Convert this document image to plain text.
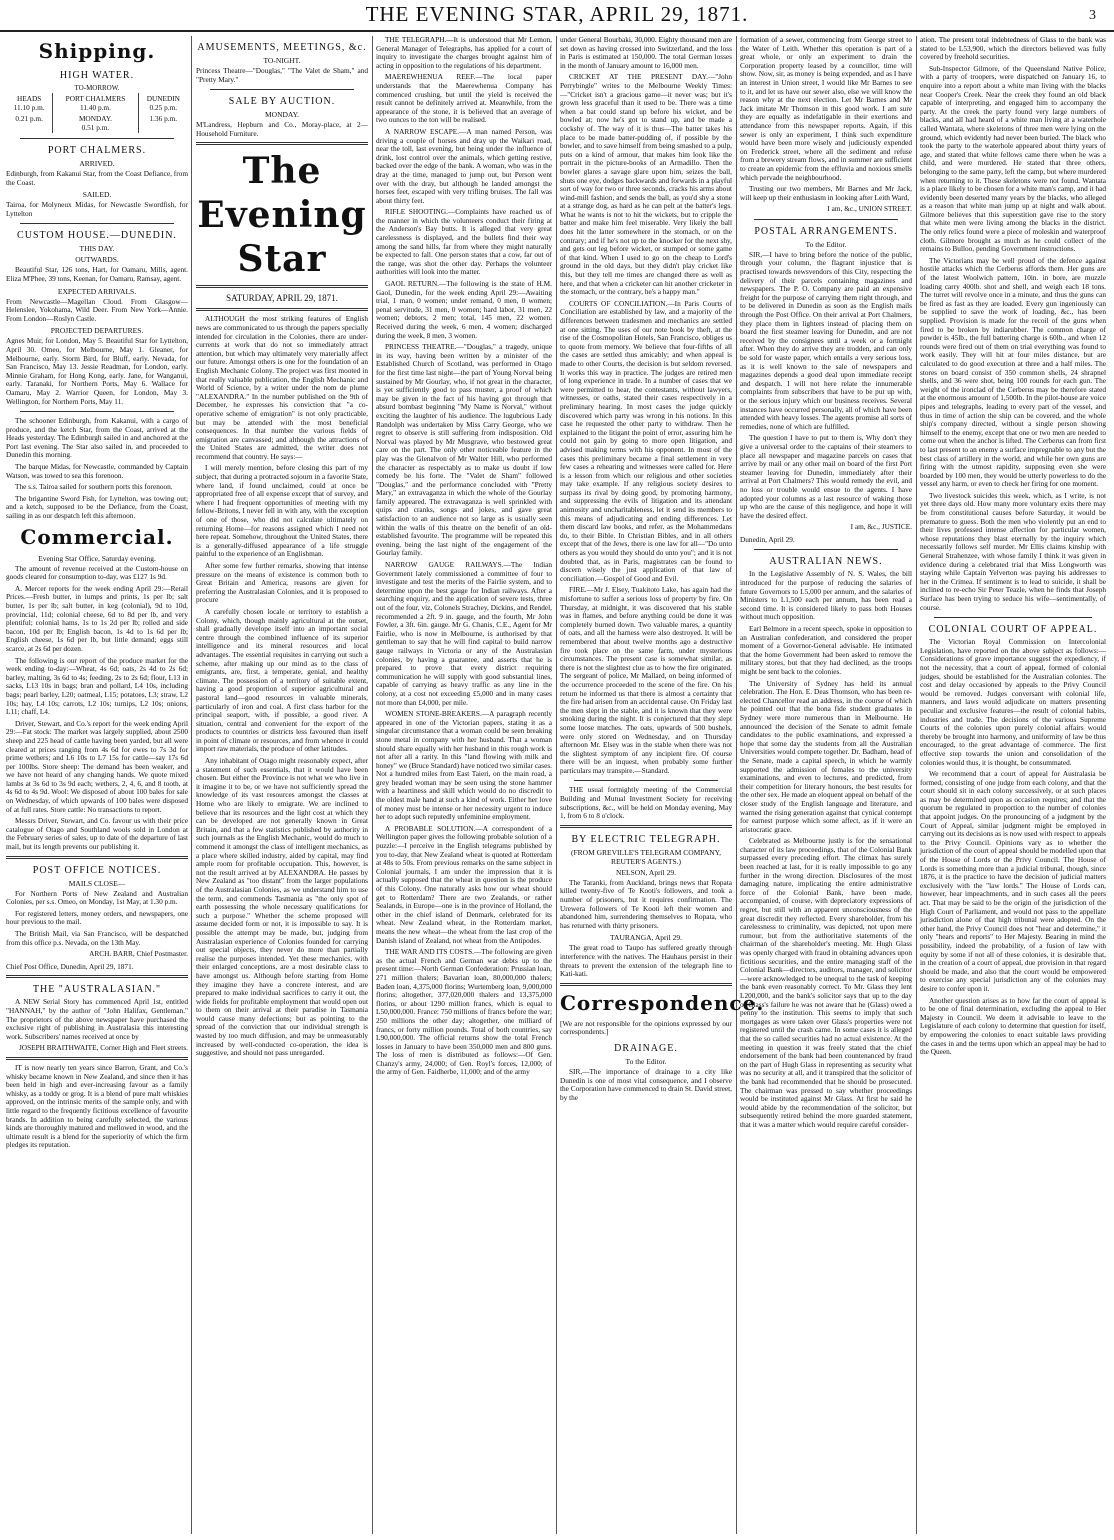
THE EVENING STAR, APRIL 29, 1871.	3
Shipping.
HIGH WATER.
TO-MORROW.
HEADS
11.10 p.m.	PORT CHALMERS
11.40 p.m.	DUNEDIN
0.25 p.m.
0.21 p.m.	MONDAY.
0.51 p.m.	1.36 p.m.
PORT CHALMERS.
ARRIVED.

Edinburgh, from Kakanui Star, from the Coast Defiance, from the Coast.

SAILED.

Tairoa, for Molyneux Midas, for Newcastle Swordfish, for Lyttelton

CUSTOM HOUSE.—DUNEDIN.
THIS DAY.
OUTWARDS.

Beautiful Star, 126 tons, Hart, for Oamaru, Mills, agent. Eliza M'Phee, 39 tons, Keenan, for Oamaru, Ramsay, agent.

EXPECTED ARRIVALS.

From Newcastle—Magellan Cloud. From Glasgow—Helenslee, Yokohama, Wild Deer. From New York—Annie. From London—Roslyn Castle.

PROJECTED DEPARTURES.

Agnes Muir, for London, May 5. Beautiful Star for Lyttelton, April 30. Omeo, for Melbourne, May 1. Gleaner, for Melbourne, early. Storm Bird, for Bluff, early. Nevada, for San Francisco, May 13. Jessie Readman, for London, early. Minnie Graham, for Hong Kong, early. Jane, for Wanganui, early. Taranaki, for Northern Ports, May 6. Wallace for Oamaru, May 2. Warrior Queen, for London, May 3. Wellington, for Northern Ports, May 11.

The schooner Edinburgh, from Kakanui, with a cargo of produce, and the ketch Star, from the Coast, arrived at the Heads yesterday. The Edinburgh sailed in and anchored at the Port last evening. The Star also sailed in, and proceeded to Dunedin this morning.

The barque Midas, for Newcastle, commanded by Captain Watson, was towed to sea this forenoon.

The s.s. Tairoa sailed for southern ports this forenoon.

The brigantine Sword Fish, for Lyttelton, was towing out; and a ketch, supposed to be the Defiance, from the Coast, sailing in as our despatch left this afternoon.

Commercial.
Evening Star Office, Saturday evening.

The amount of revenue received at the Custom-house on goods cleared for consumption to-day, was £127 1s 9d.

A. Mercer reports for the week ending April 29:—Retail Prices.—Fresh butter, in lumps and prints, 1s per lb; salt butter, 1s per lb; salt butter, in keg (colonial), 9d to 10d, provincial, 11d; colonial cheese, 6d to 8d per lb, and very plentiful; colonial hams, 1s to 1s 2d per lb; rolled and side bacon, 10d per lb; English bacon, 1s 4d to 1s 6d per lb; English cheese, 1s 6d per lb, but little demand; eggs still scarce, at 2s 6d per dozen.

The following is our report of the produce market for the week ending to-day:—Wheat, 4s 6d; oats, 2s 4d to 2s 6d; barley, malting, 3s 6d to 4s; feeding, 2s to 2s 6d; flour, L13 in sacks, L13 10s in bags; bran and pollard, L4 10s, including bags; pearl barley, L20; oatmeal, L15; potatoes, L3; straw, L2 10s; hay, L4 10s; carrots, L2 10s; turnips, L2 10s; onions, L11; chaff, L4.

Driver, Stewart, and Co.'s report for the week ending April 29:—Fat stock: The market was largely supplied, about 2500 sheep and 225 head of cattle having been yarded, but all were cleared at prices ranging from 4s 6d for ewes to 7s 3d for prime wethers; and L6 10s to L7 15s for cattle—say 17s 6d per 100lbs. Store sheep: The demand has been weaker, and we have not heard of any changing hands. We quote mixed lambs at 3s 6d to 3s 9d each; wethers, 2, 4, 6, and 8 tooth, at 4s 6d to 4s 9d. Wool: We disposed of about 100 bales for sale on Wednesday, of which upwards of 100 bales were disposed of at full rates. Store cattle: No transactions to report.

Messrs Driver, Stewart, and Co. favour us with their price catalogue of Otago and Southland wools sold in London at the February series of sales, up to date of the departure of last mail, but its length prevents our publishing it.

POST OFFICE NOTICES.
MAILS CLOSE—

For Northern Ports of New Zealand and Australian Colonies, per s.s. Omeo, on Monday, 1st May, at 1.30 p.m.

For registered letters, money orders, and newspapers, one hour previous to the mail.

The British Mail, via San Francisco, will be despatched from this office p.s. Nevada, on the 13th May.

ARCH. BARR, Chief Postmaster.

Chief Post Office, Dunedin, April 29, 1871.

THE "AUSTRALASIAN."

A NEW Serial Story has commenced April 1st, entitled "HANNAH," by the author of "John Halifax, Gentleman." The proprietors of the above newspaper have purchased the exclusive right of publishing in Australasia this interesting work. Subscribers' names received at once by

JOSEPH BRAITHWAITE, Corner High and Fleet streets.

IT is now nearly ten years since Barron, Grant, and Co.'s whisky became known in New Zealand, and since then it has been held in high and ever-increasing favour as a family whisky, as a toddy or grog. It is a blend of pure malt whiskies approved, on the intrinsic merits of the sample only, and with little regard to the frequently fictitious excellence of favourite brands. In addition to being carefully selected, the various kinds are thoroughly matured and mellowed in wood, and the ultimate result is a blend for the superiority of which the firm pledges its reputation.

AMUSEMENTS, MEETINGS, &c.
TO-NIGHT.

Princess Theatre—"Douglas," "The Valet de Sham," and "Pretty Mary."

SALE BY AUCTION.
MONDAY.

M'Landress, Hepburn and Co., Moray-place, at 2—Household Furniture.

The Evening Star
SATURDAY, APRIL 29, 1871.

ALTHOUGH the most striking features of English news are communicated to us through the papers specially intended for circulation in the Colonies, there are under-currents at work that do not so immediately attract attention, but which may ultimately very materially affect our future. Amongst others is one for the foundation of an English Mechanic Colony. The project was first mooted in that really valuable publication, the English Mechanic and World of Science, by a writer under the nom de plume "ALEXANDRA." In the number published on the 9th of December, he expresses his conviction that "a co-operative scheme of emigration" is not only practicable, but may be attended with the most beneficial consequences. In that number the various fields of emigration are canvassed; and although the attractions of the United States are admitted, the writer does not recommend that country. He says:—

I will merely mention, before closing this part of my subject, that during a protracted sojourn in a favorite State, where land, if found unclaimed, could at once be appropriated free of all expense except that of survey, and where I had frequent opportunities of meeting with my fellow-Britons, I never fell in with any, with the exception of one of those, who did not calculate ultimately on returning Home—for reasons assigned which I need not here repeat. Somehow, throughout the United States, there is a generally-diffused appearance of a life struggle painful to the experience of an Englishman.

After some few further remarks, showing that intense pressure on the means of existence is common both to Great Britain and America, reasons are given for preferring the Australasian Colonies, and it is proposed to procure

A carefully chosen locale or territory to establish a Colony, which, though mainly agricultural at the outset, shall gradually develope itself into an important social centre through the combined influence of its superior intelligence and its mineral resources and local advantages. The essential requisites in carrying out such a scheme, after making up our mind as to the class of emigrants, are, first, a temperate, genial, and healthy climate. The possession of a territory of suitable extent, having a good proportion of superior agricultural and pastoral land—good resources in valuable minerals, particularly of iron and coal. A first class harbor for the principal seaport, with, if possible, a good river. A situation, central and convenient for the export of the products to countries or districts less favoured than itself in point of climate or resources, and from whence it could import raw materials, the produce of other latitudes.

Any inhabitant of Otago might reasonably expect, after a statement of such essentials, that it would have been chosen. But either the Province is not what we who live in it imagine it to be, or we have not sufficiently spread the knowledge of its vast resources amongst the classes at Home who are likely to emigrate. We are inclined to believe that its resources and the light cost at which they can be developed are not generally known in Great Britain, and that a few statistics published by authority in such journals as the English Mechanic, would do much to commend it amongst the class of intelligent mechanics, as a place where skilled industry, aided by capital, may find ample room for profitable occupation. This, however, is not the result arrived at by ALEXANDRA. He passes by New Zealand as "too distant" from the larger populations of the Australasian Colonies, as we understand him to use the term, and commends Tasmania as "the only spot of earth possessing the whole necessary qualifications for such a purpose." Whether the scheme proposed will assume decided form or not, it is impossible to say. It is possible the attempt may be made, but, judging from Australasian experience of Colonies founded for carrying out special objects, they never do more than partially realise the purposes intended. Yet these mechanics, with their enlarged conceptions, are a most desirable class to have amongst us. Although before starting from Home they imagine they have a concrete interest, and are prepared to make individual sacrifices to carry it out, the wide fields for profitable employment that would open out to them on their arrival at their paradise in Tasmania would cause many defections; but as pointing to the spread of the conviction that our individual strength is wasted by too much diffusion, and may be unmeasurably increased by well-conducted co-operation, the idea is suggestive, and should not pass unregarded.

THE TELEGRAPH.—It is understood that Mr Lemon, General Manager of Telegraphs, has applied for a court of inquiry to investigate the charges brought against him of acting in opposition to the regulations of his department.

MAEREWHENUA REEF.—The local paper understands that the Maerewhenua Company has commenced crushing, but until the yield is received the result cannot be definitely arrived at. Meanwhile, from the appearance of the stone, it is believed that an average of two ounces to the ton will be realised.

A NARROW ESCAPE.—A man named Person, was driving a couple of horses and dray up the Waikari road, near the toll, last evening, but being under the influence of drink, lost control over the animals, which getting restive, backed over the edge of the bank. A woman, who was in the dray at the time, managed to jump out, but Person went over with the dray, but although he landed amongst the horses feet, escaped with very trifling bruises. The fall was about thirty feet.

RIFLE SHOOTING.—Complaints have reached us of the manner in which the volunteers conduct their firing at the Anderson's Bay butts. It is alleged that very great carelessness is displayed, and the bullets find their way among the sand hills, far from where they might naturally be expected to fall. One person states that a cow, far out of the range, was shot the other day. Perhaps the volunteer authorities will look into the matter.

GAOL RETURN.—The following is the state of H.M. Gaol, Dunedin, for the week ending April 29:—Awaiting trial, 1 man, 0 women; under remand, 0 men, 0 women; penal servitude, 31 men, 0 women; hard labor, 31 men, 22 women; debtors, 2 men; total, 145 men, 22 women. Received during the week, 6 men, 4 women; discharged during the week, 8 men, 3 women.

PRINCESS THEATRE.—"Douglas," a tragedy, unique in its way, having been written by a minister of the Established Church of Scotland, was performed in Otago for the first time last night—the part of Young Norval being sustained by Mr Gourlay, who, if not great in the character, is yet sufficiently good to pass muster, a proof of which may be given in the fact of his having got through that absurd bombast beginning "My Name is Norval," without exciting the laughter of his audience. The lugubrious Lady Randolph was undertaken by Miss Carry George, who we regret to observe is still suffering from indisposition. Old Norval was played by Mr Musgrave, who bestowed great care on the part. The only other noticeable feature in the play was the Glenalvon of Mr Walter Hill, who performed the character as respectably as to make us doubt if low comedy be his forte. The "Valet de Sham" followed "Douglas," and the performance concluded with "Pretty Mary," an extravaganza in which the whole of the Gourlay family appeared. The extravaganza is well sprinkled with quips and cranks, songs and jokes, and gave great satisfaction to an audience not so large as is usually seen within the walls of this theatre on the benefit of an old-established favourite. The programme will be repeated this evening, being the last night of the engagement of the Gourlay family.

NARROW GAUGE RAILWAYS.—The Indian Government lately commissioned a committee of four to investigate and test the merits of the Fairlie system, and to determine upon the best gauge for Indian railways. After a searching enquiry, and the application of severe tests, three out of the four, viz, Colonels Strachey, Dickins, and Rendel, recommended a 2ft. 9 in. gauge, and the fourth, Mr John Fowler, a 3ft. 6in. gauge. Mr G. Chanis, C.E., Agent for Mr Fairlie, who is now in Melbourne, is authorised by that gentleman to say that he will find capital to build narrow gauge railways in Victoria or any of the Australasian colonies, by having a guarantee, and asserts that he is prepared to prove that every district requiring communication he will supply with good substantial lines, capable of carrying as heavy traffic as any line in the colony, at a cost not exceeding £5,000 and in many cases not more than £4,000, per mile.

WOMEN STONE-BREAKERS.—A paragraph recently appeared in one of the Victorian papers, stating it as a singular circumstance that a woman could be seen breaking stone metal in company with her husband. That a woman should share equally with her husband in this rough work is not after all a rarity. In this "land flowing with milk and honey" we (Bruce Standard) have noticed two similar cases. Not a hundred miles from East Taieri, on the main road, a grey headed woman may be seen using the stone hammer with a heartiness and skill which would do no discredit to the oldest male hand at such a kind of work. Either her love of money must be intense or her necessity urgent to induce her to adopt such reputedly unfeminine employment.

A PROBABLE SOLUTION.—A correspondent of a Wellington paper gives the following probable solution of a puzzle:—I perceive in the English telegrams published by you to-day, that New Zealand wheat is quoted at Rotterdam at 48s to 50s. From previous remarks on the same subject in Colonial journals, I am under the impression that it is actually supposed that the wheat in question is the produce of this Colony. One naturally asks how our wheat should get to Rotterdam? There are two Zealands, or rather Sealands, in Europe—one is in the province of Holland, the other in the chief island of Denmark, celebrated for its wheat. New Zealand wheat, in the Rotterdam market, means the new wheat—the wheat from the last crop of the Danish island of Zealand, not wheat from the Antipodes.

THE WAR AND ITS COSTS.—The following are given as the actual French and German war debts up to the present time:—North German Confederation: Prussian loan, 271 million thalers; Bavarian loan, 80,000,000 thalers; Baden loan, 4,375,000 florins; Wurtemberg loan, 9,000,000 florins; altogether, 377,020,000 thalers and 13,375,000 florins, or about 1290 million francs, which is equal to L50,000,000. France: 750 millions of francs before the war; 250 millions the other day; altogether, one milliard of francs, or forty million pounds. Total of both countries, say L90,000,000. The official returns show the total French losses in January to have been 350,000 men and 800 guns. The loss of men is distributed as follows:—Of Gen. Chanzy's army, 24,000; of Gen. Royl's forces, 12,000; of the army of Gen. Faidherbe, 11,000; and of the army

under General Bourbaki, 30,000. Eighty thousand men are set down as having crossed into Switzerland, and the loss in Paris is estimated at 150,000. The total German losses in the month of January amount to 16,000 men.

CRICKET AT THE PRESENT DAY.—"John Perrybingle" writes to the Melbourne Weekly Times:—"Cricket isn't a gracious game—it never was; but it's grown less graceful than it used to be. There was a time when a bat could stand up before his wicket, and be bowled at; now he's got to stand up, and be made a cockshy of. The way of it is thus—The batter takes his place to be made batter-pudding of, if possible by the bowler, and to save himself from being smashed to a pulp, puts on a kind of armour, that makes him look like the portrait in the picture-books of an Armadillo. Then the bowler glares a savage glare upon him, seizes the ball, shuts one eye, dodges backwards and forwards in a playful sort of way for two or three seconds, cracks his arms about wind-mill fashion, and sends the ball, as you'd shy a stone at a strange dog, as hard as he can pelt at the batter's legs. What he wants is not to hit the wickets, but to cripple the batter and make him feel miserable. Very likely the ball does hit the latter somewhere in the stomach, or on the contrary; and if he's not up to the knocker for the next shy, and gets out leg before wicket, or stumped or some game of that kind. When I used to go on the cheap to Lord's ground in the old days, but they didn't play cricket like this, but they tell me times are changed there as well as here, and that when a cricketer can hit another cricketer in the stomach, or the contrary, he's a happy man."

COURTS OF CONCILIATION.—In Paris Courts of Conciliation are established by law, and a majority of the differences between tradesmen and mechanics are settled at one sitting. The uses of our note book by theft, at the rise of the Cosmopolitan Hotels, San Francisco, obliges us to quote from memory. We believe that four-fifths of all the cases are settled thus amicably; and when appeal is made to other Courts, the decision is but seldom reversed. It works this way in practice. The judges are retired men of long experience in trade. In a number of cases that we were permitted to hear, the contestants, without lawyers, witnesses, or oaths, stated their cases respectively in a preliminary hearing. In most cases the judge quickly discovered which party was wrong in his notions. In this case he requested the other party to withdraw. Then he explained to the litigant the point of error, assuring him he could not gain by going to more open litigation, and advised making terms with his opponent. In most of the cases this preliminary became a final settlement in very few cases a rehearing and witnesses were called for. Here is a lesson from which our religious and other societies may take example. If any religious society desires to surpass its rival by doing good, by promoting harmony, and suppressing the evils of litigation and its attendant animosity and uncharitableness, let it send its members to this means of adjudicating and ending differences. Let them discard law books, and refer, as the Mohammedans do, to their Bible. In Christian Bibles, and in all others except that of the Jews, there is one law for all—"Do unto others as you would they should do unto you"; and it is not doubted that, as in Paris, magistrates can be found to discern wisely the just application of that law of conciliation.—Gospel of Good and Evil.

FIRE.—Mr J. Elsey, Tuakitoto Lake, has again had the misfortune to suffer a serious loss of property by fire. On Thursday, at midnight, it was discovered that his stable was in flames, and before anything could be done it was completely burned down. Two valuable mares, a quantity of oats, and all the harness were also destroyed. It will be remembered that about twelve months ago a destructive fire took place on the same farm, under mysterious circumstances. The present case is somewhat similar, as there is not the slightest clue as to how the fire originated. The sergeant of police, Mr Mallard, on being informed of the occurrence proceeded to the scene of the fire. On his return he informed us that there is almost a certainty that the fire had arisen from an accidental cause. On Friday last the men slept in the stable, and it is known that they were smoking during the night. It is conjectured that they slept some loose matches. The oats, upwards of 500 bushels, were only stored on Wednesday, and on Thursday afternoon Mr. Elsey was in the stable when there was not the slightest symptom of any incipient fire. Of course there will be an inquest, when probably some further particulars may transpire.—Standard.

THE usual fortnightly meeting of the Commercial Building and Mutual Investment Society for receiving subscriptions, &c., will be held on Monday evening, May 1, from 6 to 8 o'clock.

BY ELECTRIC TELEGRAPH.
(FROM GREVILLE'S TELEGRAM COMPANY, REUTER'S AGENTS.)
NELSON, April 29.

The Taranki, from Auckland, brings news that Ropata killed twenty-five of Te Kooti's followers, and took a number of prisoners, but it requires confirmation. The Urewera followers of Te Kooti left their women and abandoned him, surrendering themselves to Ropata, who has returned with thirty prisoners.

TAURANGA, April 29.

The great road to Taupo has suffered greatly through interference with the natives. The Hauhaus persist in their threats to prevent the extension of the telegraph line to Kati-kati.

Correspondence.

[We are not responsible for the opinions expressed by our correspondents.]

DRAINAGE.
To the Editor.

SIR,—The importance of drainage to a city like Dunedin is one of most vital consequence, and I observe the Corporation have commenced to drain St. David street, by the

formation of a sewer, commencing from George street to the Water of Leith. Whether this operation is part of a great whole, or only an experiment to drain the Corporation property leased by a councillor, time will show. Now, sir, as money is being expended, and as I have an interest in Union street, I would like Mr Barnes to see to it, and let us have our sewer also, else we will know the reason why at the next election. Let Mr Barnes and Mr Jack imitate Mr Thomson in this good work. I am sure they are equally as indefatigable in their exertions and attendance from this newspaper reports. Again, if this sewer is only an experiment, I think such expenditure would have been more wisely and judiciously expended on Frederick street, where all the sediment and refuse from a brewery stream flows, and in summer are sufficient to create an epidemic from the effluvia and noxious smells which pervade the neighbourhood.

Trusting our two members, Mr Barnes and Mr Jack, will keep up their enthusiasm in looking after Leith Ward,

I am, &c., UNION STREET.
POSTAL ARRANGEMENTS.
To the Editor.

SIR,—I have to bring before the notice of the public, through your column, the flagrant injustice that is practised towards newsvendors of this City, respecting the delivery of their parcels containing magazines and newspapers. The P. O. Company are paid an expensive freight for the purpose of carrying them right through, and to be delivered in Dunedin as soon as the English mails through the Post Office. On their arrival at Port Chalmers, they place them in lighters instead of placing them on board the first steamer leaving for Dunedin, and are not received by the consignees until a week or a fortnight after. When they do arrive they are trodden, and can only be sold for waste paper, which entails a very serious loss, as it is well known to the sale of newspapers and magazines depends a good deal upon immediate receipt and despatch. I will not here relate the innumerable complaints from subscribers that have to be put up with, or the serious injury which our business receives. Several instances have occurred personally, all of which have been attended with heavy losses. The agents promise all sorts of remedies, none of which are fulfilled.

The question I have to put to them is, Why don't they give a universal order to the captains of their steamers to place all newspaper and magazine parcels on cases that arrive by mail or any other mail on board of the first Port steamer leaving for Dunedin, immediately after their arrival at Port Chalmers? This would remedy the evil, and no loss or trouble would ensue to the agents. I have adopted your columns as a last resource of waking those up who are the cause of this negligence, and hope it will have the desired effect.

I am, &c., JUSTICE.

Dunedin, April 29.

AUSTRALIAN NEWS.

In the Legislative Assembly of N. S. Wales, the bill introduced for the purpose of reducing the salaries of future Governors to L5,000 per annum, and the salaries of Ministers to L1,500 each per annum, has been read a second time. It is considered likely to pass both Houses without much opposition.

Earl Belmore in a recent speech, spoke in opposition to an Australian confederation, and considered the proper moment of a Governor-General advisable. He intimated that the home Government had been asked to remove the military stores, but that they had declined, as the troops might be sent back to the colonies.

The University of Sydney has held its annual celebration. The Hon. E. Deas Thomson, who has been re-elected Chancellor read an address, in the course of which he pointed out that the bona fide student graduates in Sydney were more numerous than in Melbourne. He announced the decision of the Senate to admit female candidates to the public examinations, and expressed a hope that some day the students from all the Australian Universities would compete together. Dr. Badham, head of the Senate, made a capital speech, in which he warmly supported the admission of females to the university examinations, and even to lectures, and predicted, from their competition for literary honours, the best results for the other sex. He made an eloquent appeal on behalf of the closer study of the English language and literature, and warned the rising generation against that cynical contempt for earnest purpose which some affect, as if it were an aristocratic grace.

Celebrated as Melbourne justly is for the sensational character of its law proceedings, that of the Colonial Bank surpassed every preceding effort. The climax has surely been reached at last, for it is really impossible to go any further in the wrong direction. Disclosures of the most damaging nature, implicating the entire administrative force of the Colonial Bank, have been made, accompanied, of course, with depreciatory expressions of regret, but still with an apparent unconsciousness of the great discredit they reflected. Every shareholder, from his carelessness to criminality, was depicted, not upon mere rumour, but from the authoritative statements of the chairman of the shareholder's meeting. Mr. Hugh Glass was openly charged with fraud in obtaining advances upon fictitious securities, and the entire managing staff of the Colonial Bank—directors, auditors, manager, and solicitor—were acknowledged to be unequal to the task of keeping the bank even reasonably correct. To Mr. Glass they lent L200,000, and the bank's solicitor says that up to the day of Glass's failure he was not aware that he (Glass) owed a penny to the institution. This seems to imply that such mortgages as were taken over Glass's properties were not registered until the crash came. In some cases it is alleged that the so called securities had no actual existence. At the meeting in question it was freely stated that the chief endorsement of the bank had been countenanced by fraud on the part of Hugh Glass in representing as security what was no security at all, and it transpired that the solicitor of the bank had recommended that he should be prosecuted. The chairman was pressed to say whether proceedings would be instituted against Mr Glass. At first he said he would abide by the recommendation of the solicitor, but subsequently retired behind the more guarded statement, that it was a matter which would require careful consider-

ation. The present total indebtedness of Glass to the bank was stated to be L53,900, which the directors believed was fully covered by freehold securities.

Sub-Inspector Gilmore, of the Queensland Native Police, with a party of troopers, were dispatched on January 16, to enquire into a report about a white man living with the blacks near Cooper's Creek. Near the creek they found an old black capable of interpreting, and engaged him to accompany the party. At the creek the party found very large numbers of blacks, and all had heard of a white man living at a waterhole called Wantata, where skeletons of three men were lying on the ground, which evidently had never been buried. The black who took the party to the waterhole appeared about thirty years of age, and stated that white fellows came there when he was a child, and were murdered. He stated that three others, belonging to the same party, left the camp, but where murdered when returning to it. These skeletons were not found. Wantata is a place likely to be chosen for a white man's camp, and it had evidently been deserted many years by the blacks, who alleged as a reason that white man jump up at night and walk about. Gilmore believes that this superstition gave rise to the story that white men were living among the blacks in the district. The only relics found were a piece of moleskin and waterproof cloth. Gilmore brought as much as he could collect of the remains to Bulloo, pending Government instructions.

The Victorians may be well proud of the defence against hostile attacks which the Cerberus affords them. Her guns are of the latest Woolwich pattern, 10in. in bore, are muzzle loading carry 400lb. shot and shell, and weigh each 18 tons. The turret will revolve once in a minute, and thus the guns can be fired as fast as they are loaded. Every gun ingeniously can be supplied to save the work of loading, &c., has been supplied. Provision is made for the recoil of the guns when fired to be broken by indiarubber. The common charge of powder is 45lb., the full battering charge is 60lb., and when 12 rounds were fired out of them on trial everything was found to work easily. They will hit at four miles distance, but are calculated to do good execution at three and a half miles. The stores on board consist of 350 common shells, 24 shrapnel shells, and 36 were shot, being 100 rounds for each gun. The weight of the ironclad of the Cerberus may be therefore stated at the enormous amount of 1,500lb. In the pilot-house are voice pipes and telegraphs, leading to every part of the vessel, and thus in time of action the ship can be covered, and the whole ship's company directed, without a single person showing himself to the enemy, except that one or two men are needed to come out when the anchor is lifted. The Cerberus can from first to last present to an enemy a surface impregnable to any but the best class of artillery in the world, and while her own guns are firing with the utmost rapidity, supposing even she were boarded by 100 men, they would be utterly powerless to do the vessel any harm, or even to check her firing for one moment.

Two livestock suicides this week, which, as I write, is not yet three days old. How many more voluntary exits there may be from constitutional causes before Saturday, it would be premature to guess. Both the men who violently put an end to their lives professed intense affection for particular women, whose reputations they blast eternally by the inquiry which necessarily follows self murder. Mr Ellis claims kinship with General Strahenzee, with whose family I think it was given in evidence during a celebrated trial that Miss Longworth was staying while Captain Yelverton was paying his addresses to her in the Crimea. If sentiment is to lead to suicide, it shall be inclined to re-echo Sir Peter Teazle, when he finds that Joseph Surface has been trying to seduce his wife—sentimentally, of course.

COLONIAL COURT OF APPEAL.

The Victorian Royal Commission on Intercolonial Legislation, have reported on the above subject as follows:—Considerations of grave importance suggest the expediency, if not the necessity, that a court of appeal, formed of colonial judges, should be established for the Australian colonies. The cost and delay occasioned by appeals to the Privy Council would be removed. Judges conversant with colonial life, manners, and laws would adjudicate on matters presenting peculiar and exclusive features—the result of colonial habits, industries and trade. The decisions of the various Supreme Courts of the colonies upon purely colonial affairs would thereby be brought into harmony, and uniformity of law be thus encouraged, to the great advantage of commerce. The first effective step towards the union and consolidation of the colonies would thus, it is thought, be consummated.

We recommend that a court of appeal for Australasia be formed, consisting of one judge from each colony, and that the court should sit in each colony successively, or at such places as may be determined upon as occasion requires; and that the quorum be regulated in proportion to the number of colonies that appoint judges. On the pronouncing of a judgment by the Court of Appeal, similar judgment might be employed in carrying out its decisions as is now used with respect to appeals to the Privy Council. Opinions vary as to whether the jurisdiction of the court of appeal should be modelled upon that of the House of Lords or the Privy Council. The House of Lords is something more than a judicial tribunal, though, since 1876, it is the practice to have the decision of judicial matters exclusively with the "law lords." The House of Lords can, however, hear impeachments, and in such cases all the peers act. That may be said to be the origin of the jurisdiction of the High Court of Parliament, and would not pass to the appellate jurisdiction alone of that high tribunal were adopted. On the other hand, the Privy Council does not "hear and determine," it only "hears and reports" to Her Majesty. Bearing in mind the possibility, indeed the probability, of a fusion of law with equity by some if not all of these colonies, it is desirable that, in the creation of a court of appeal, due provision in that regard should be made, and also that the court would be empowered to exercise any special jurisdiction any of the colonies may desire to confer upon it.

Another question arises as to how far the court of appeal is to be one of final determination, excluding the appeal to Her Majesty in Council. We deem it advisable to leave to the Legislature of each colony to determine that question for itself, by empowering the colonies to enact suitable laws providing the cases in and the terms upon which an appeal may be had to the Queen.
